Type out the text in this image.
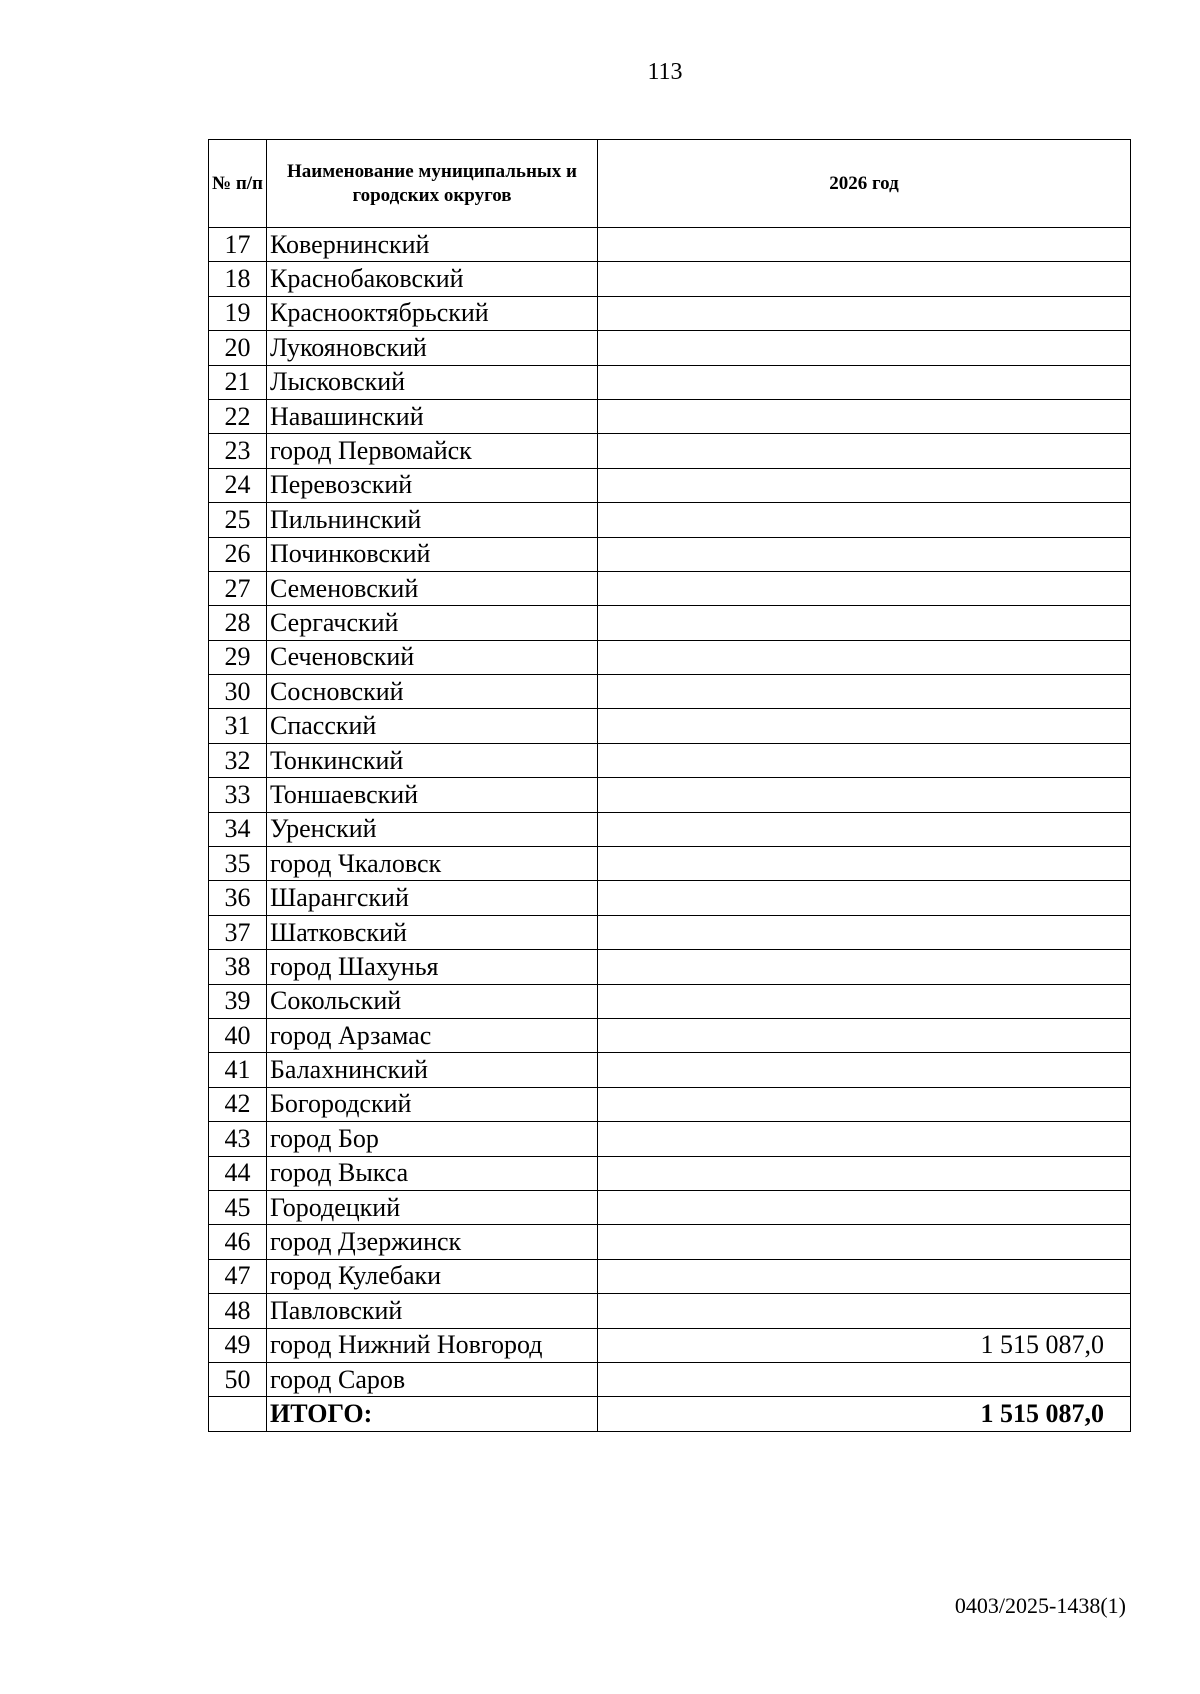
113
№ п/п	Наименование муниципальных и городских округов	2026 год
17	Ковернинский	
18	Краснобаковский	
19	Краснооктябрьский	
20	Лукояновский	
21	Лысковский	
22	Навашинский	
23	город Первомайск	
24	Перевозский	
25	Пильнинский	
26	Починковский	
27	Семеновский	
28	Сергачский	
29	Сеченовский	
30	Сосновский	
31	Спасский	
32	Тонкинский	
33	Тоншаевский	
34	Уренский	
35	город Чкаловск	
36	Шарангский	
37	Шатковский	
38	город Шахунья	
39	Сокольский	
40	город Арзамас	
41	Балахнинский	
42	Богородский	
43	город Бор	
44	город Выкса	
45	Городецкий	
46	город Дзержинск	
47	город Кулебаки	
48	Павловский	
49	город Нижний Новгород	1 515 087,0
50	город Саров	
	ИТОГО:	1 515 087,0
0403/2025-1438(1)
